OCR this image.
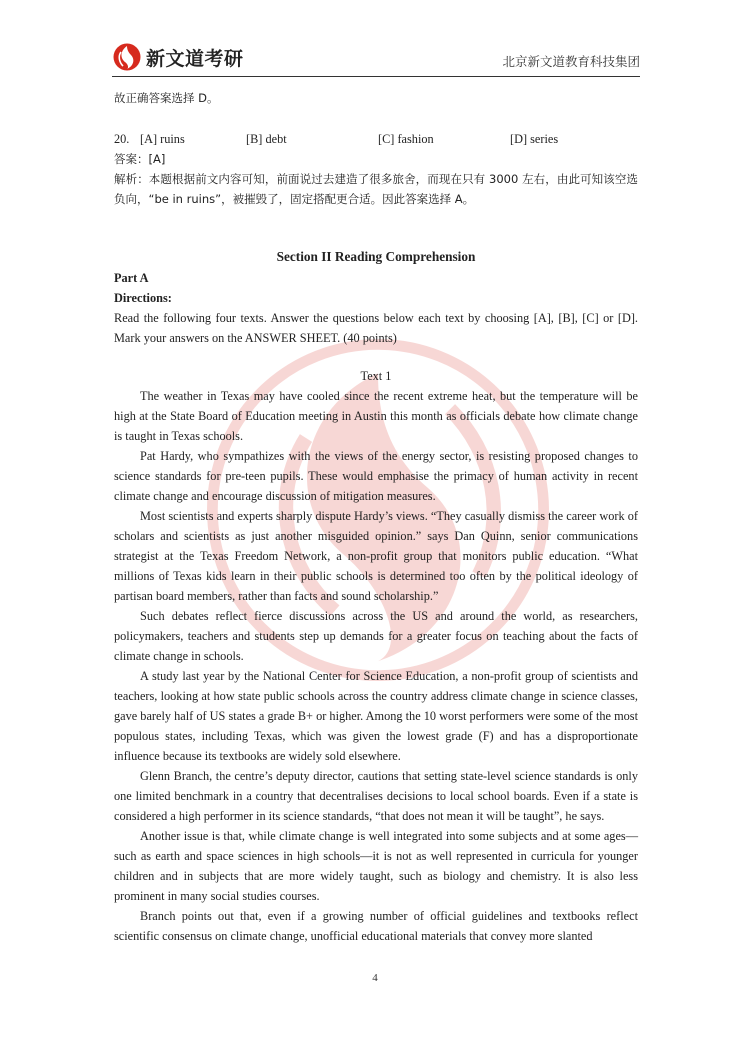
新文道考研	北京新文道教育科技集团
故正确答案选择 D。
20. [A] ruins	[B] debt	[C] fashion	[D] series
答案：[A]

解析：本题根据前文内容可知，前面说过去建造了很多旅舍，而现在只有 3000 左右，由此可知该空选负向，“be in ruins”，被摧毁了，固定搭配更合适。因此答案选择 A。

Section II Reading Comprehension
Part A
Directions:

Read the following four texts. Answer the questions below each text by choosing [A], [B], [C] or [D]. Mark your answers on the ANSWER SHEET. (40 points)

Text 1

The weather in Texas may have cooled since the recent extreme heat, but the temperature will be high at the State Board of Education meeting in Austin this month as officials debate how climate change is taught in Texas schools.

Pat Hardy, who sympathizes with the views of the energy sector, is resisting proposed changes to science standards for pre-teen pupils. These would emphasise the primacy of human activity in recent climate change and encourage discussion of mitigation measures.

Most scientists and experts sharply dispute Hardy’s views. “They casually dismiss the career work of scholars and scientists as just another misguided opinion.” says Dan Quinn, senior communications strategist at the Texas Freedom Network, a non-profit group that monitors public education. “What millions of Texas kids learn in their public schools is determined too often by the political ideology of partisan board members, rather than facts and sound scholarship.”

Such debates reflect fierce discussions across the US and around the world, as researchers, policymakers, teachers and students step up demands for a greater focus on teaching about the facts of climate change in schools.

A study last year by the National Center for Science Education, a non-profit group of scientists and teachers, looking at how state public schools across the country address climate change in science classes, gave barely half of US states a grade B+ or higher. Among the 10 worst performers were some of the most populous states, including Texas, which was given the lowest grade (F) and has a disproportionate influence because its textbooks are widely sold elsewhere.

Glenn Branch, the centre’s deputy director, cautions that setting state-level science standards is only one limited benchmark in a country that decentralises decisions to local school boards. Even if a state is considered a high performer in its science standards, “that does not mean it will be taught”, he says.

Another issue is that, while climate change is well integrated into some subjects and at some ages—such as earth and space sciences in high schools—it is not as well represented in curricula for younger children and in subjects that are more widely taught, such as biology and chemistry. It is also less prominent in many social studies courses.

Branch points out that, even if a growing number of official guidelines and textbooks reflect scientific consensus on climate change, unofficial educational materials that convey more slanted

4
